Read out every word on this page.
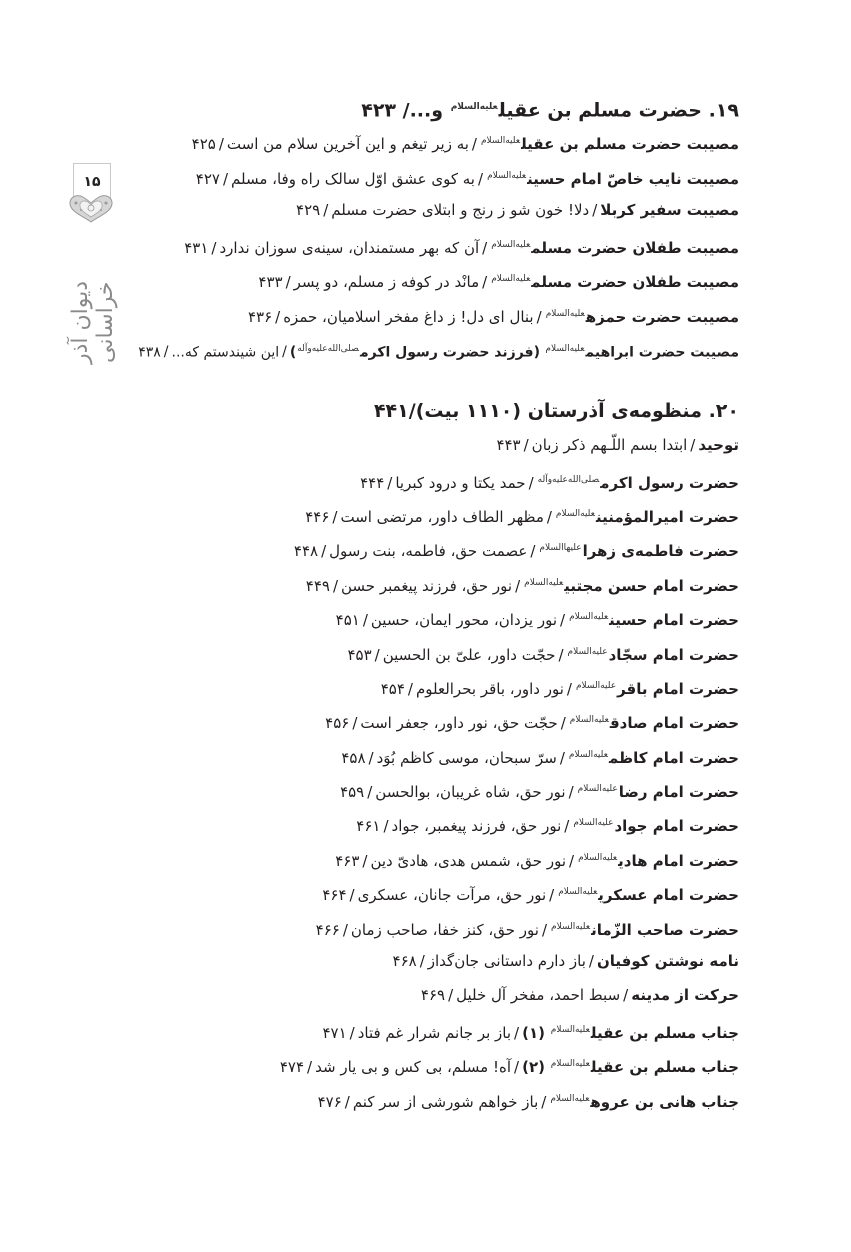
۱۵
دیوان آذر خراسانی
۱۹. حضرت مسلم بن عقیل$^{علیه‌السلام}$ و.../ ۴۲۳
مصیبت حضرت مسلم بن عقیل$^{علیه‌السلام}$/به زیر تیغم و این آخرین سلام من است/۴۲۵
مصیبت نایب خاصّ امام حسین$^{علیه‌السلام}$/به کوی عشق اوّل سالک راه وفا، مسلم/۴۲۷
مصیبت سفیر کربلا/دلا! خون شو ز رنج و ابتلای حضرت مسلم/۴۲۹
مصیبت طفلان حضرت مسلم$^{علیه‌السلام}$/آن که بهر مستمندان، سینه‌ی سوزان ندارد/۴۳۱
مصیبت طفلان حضرت مسلم$^{علیه‌السلام}$/مانْد در کوفه ز مسلم، دو پسر/۴۳۳
مصیبت حضرت حمزه$^{علیه‌السلام}$/بنال ای دل! ز داغ مفخر اسلامیان، حمزه/۴۳۶
مصیبت حضرت ابراهیم$^{علیه‌السلام}$ (فرزند حضرت رسول اکرم$^{صلی‌الله‌علیه‌وآله}$)/این شیندستم که.../۴۳۸
۲۰. منظومه‌ی آذرستان (۱۱۱۰ بیت)/۴۴۱
توحید/ابتدا بسم اللّـهم ذکر زبان/۴۴۳
حضرت رسول اکرم$^{صلی‌الله‌علیه‌وآله}$/حمد یکتا و درود کبریا/۴۴۴
حضرت امیرالمؤمنین$^{علیه‌السلام}$/مظهر الطاف داور، مرتضی است/۴۴۶
حضرت فاطمه‌ی زهرا$^{علیهاالسلام}$/عصمت حق، فاطمه، بنت رسول/۴۴۸
حضرت امام حسن مجتبی$^{علیه‌السلام}$/نور حق، فرزند پیغمبر حسن/۴۴۹
حضرت امام حسین$^{علیه‌السلام}$/نور یزدان، محور ایمان، حسین/۴۵۱
حضرت امام سجّاد$^{علیه‌السلام}$/حجّت داور، علیّ بن الحسین/۴۵۳
حضرت امام باقر$^{علیه‌السلام}$/نور داور، باقر بحرالعلوم/۴۵۴
حضرت امام صادق$^{علیه‌السلام}$/حجّت حق، نور داور، جعفر است/۴۵۶
حضرت امام کاظم$^{علیه‌السلام}$/سرّ سبحان، موسی کاظم بُوَد/۴۵۸
حضرت امام رضا$^{علیه‌السلام}$/نور حق، شاه غریبان، بوالحسن/۴۵۹
حضرت امام جواد$^{علیه‌السلام}$/نور حق، فرزند پیغمبر، جواد/۴۶۱
حضرت امام هادی$^{علیه‌السلام}$/نور حق، شمس هدی، هادیّ دین/۴۶۳
حضرت امام عسکری$^{علیه‌السلام}$/نور حق، مرآت جانان، عسکری/۴۶۴
حضرت صاحب الزّمان$^{علیه‌السلام}$/نور حق، کنز خفا، صاحب زمان/۴۶۶
نامه نوشتن کوفیان/باز دارم داستانی جان‌گداز/۴۶۸
حرکت از مدینه/سبط احمد، مفخر آل خلیل/۴۶۹
جناب مسلم بن عقیل$^{علیه‌السلام}$ (۱)/باز بر جانم شرار غم فتاد/۴۷۱
جناب مسلم بن عقیل$^{علیه‌السلام}$ (۲)/آه! مسلم، بی کس و بی یار شد/۴۷۴
جناب هانی بن عروه$^{علیه‌السلام}$/باز خواهم شورشی از سر کنم/۴۷۶
